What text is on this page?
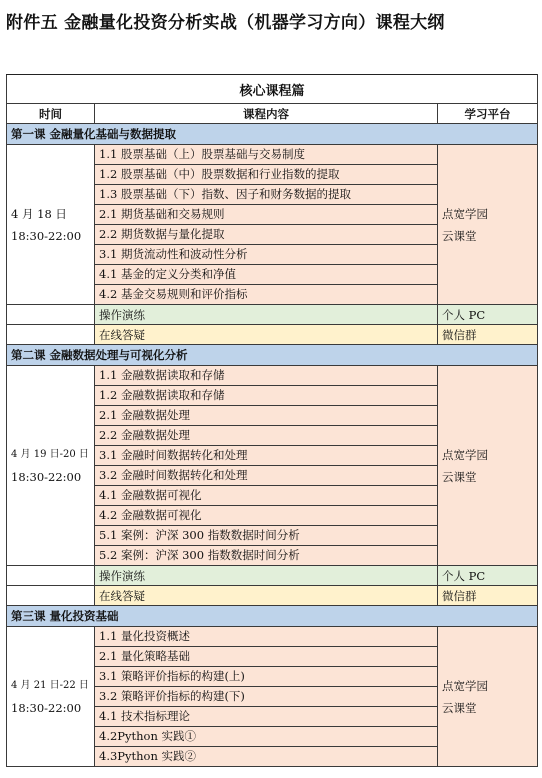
附件五 金融量化投资分析实战（机器学习方向）课程大纲
核心课程篇		
时间	课程内容	学习平台
第一课 金融量化基础与数据提取		

4 月 18 日
18:30-22:00	1.1 股票基础（上）股票基础与交易制度	点宽学园
云课堂

	1.2 股票基础（中）股票数据和行业指数的提取	
	1.3 股票基础（下）指数、因子和财务数据的提取	
	2.1 期货基础和交易规则	
	2.2 期货数据与量化提取	
	3.1 期货流动性和波动性分析	
	4.1 基金的定义分类和净值	
	4.2 基金交易规则和评价指标	
	操作演练	个人 PC
	在线答疑	微信群
第二课 金融数据处理与可视化分析		

4 月 19 日-20 日
18:30-22:00	1.1 金融数据读取和存储	点宽学园
云课堂

	1.2 金融数据读取和存储	
	2.1 金融数据处理	
	2.2 金融数据处理	
	3.1 金融时间数据转化和处理	
	3.2 金融时间数据转化和处理	
	4.1 金融数据可视化	
	4.2 金融数据可视化	
	5.1 案例：沪深 300 指数数据时间分析	
	5.2 案例：沪深 300 指数数据时间分析	
	操作演练	个人 PC
	在线答疑	微信群
第三课 量化投资基础		

4 月 21 日-22 日
18:30-22:00	1.1 量化投资概述	点宽学园
云课堂

	2.1 量化策略基础	
	3.1 策略评价指标的构建(上)	
	3.2 策略评价指标的构建(下)	
	4.1 技术指标理论	
	4.2Python 实践①	
	4.3Python 实践②	
